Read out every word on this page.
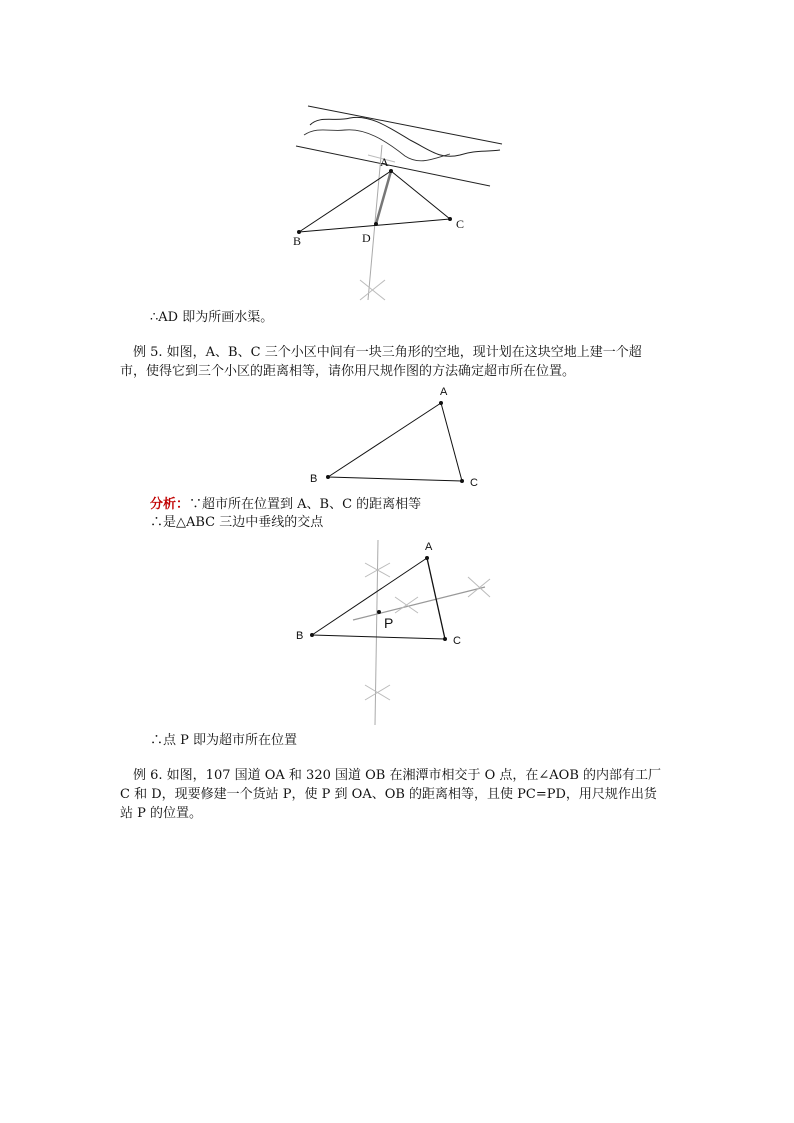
A
B
C
D
∴AD 即为所画水渠。
例 5. 如图，A、B、C 三个小区中间有一块三角形的空地，现计划在这块空地上建一个超
市，使得它到三个小区的距离相等，请你用尺规作图的方法确定超市所在位置。
A
B	C
分析：∵超市所在位置到 A、B、C 的距离相等
∴是△ABC 三边中垂线的交点
A
B	C
P
∴点 P 即为超市所在位置
例 6. 如图，107 国道 OA 和 320 国道 OB 在湘潭市相交于 O 点，在∠AOB 的内部有工厂
C 和 D，现要修建一个货站 P，使 P 到 OA、OB 的距离相等，且使 PC=PD，用尺规作出货
站 P 的位置。
